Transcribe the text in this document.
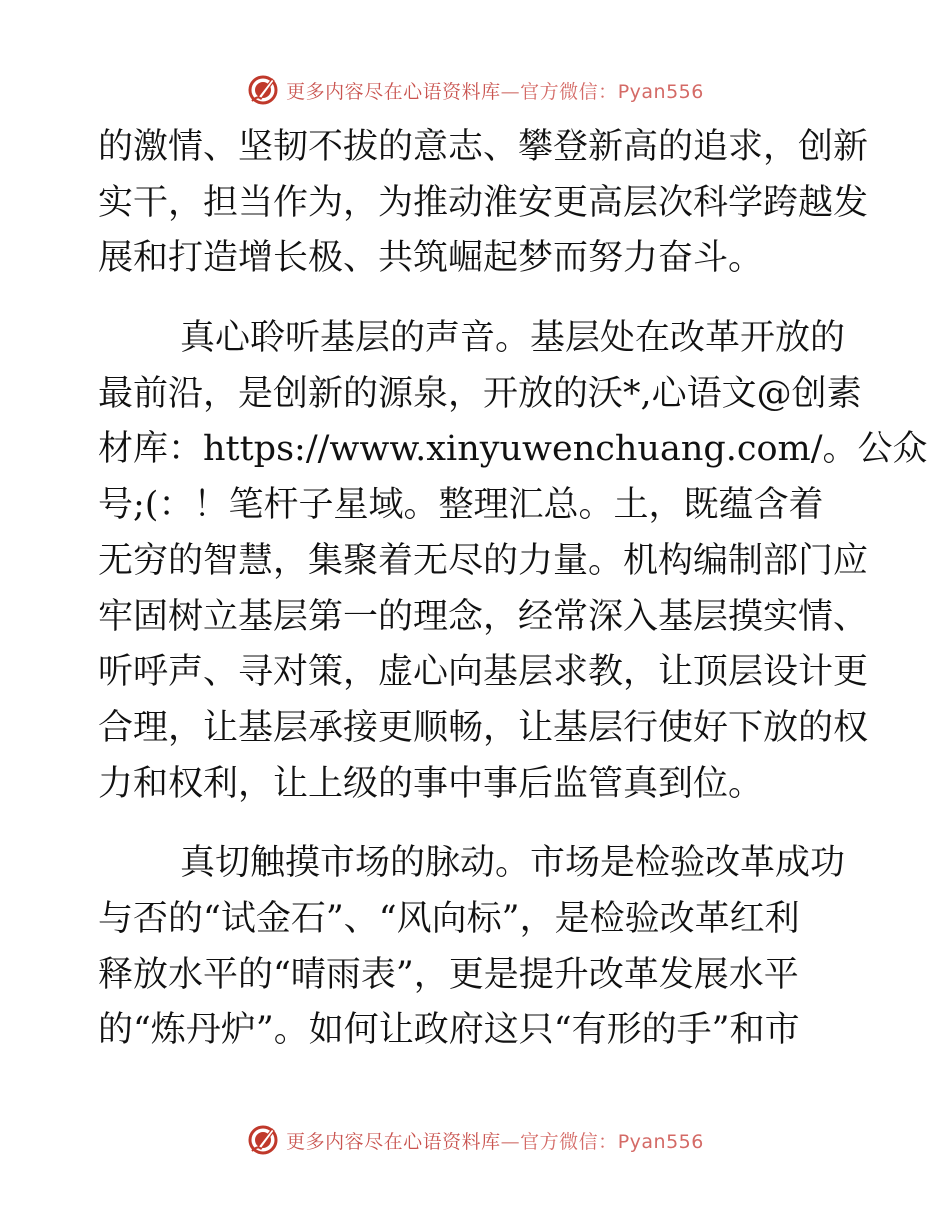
更多内容尽在心语资料库—官方微信：Pyan556

的激情、坚韧不拔的意志、攀登新高的追求，创新
实干，担当作为，为推动淮安更高层次科学跨越发
展和打造增长极、共筑崛起梦而努力奋斗。

真心聆听基层的声音。基层处在改革开放的
最前沿，是创新的源泉，开放的沃*,心语文@创素
材库：https://www.xinyuwenchuang.com/。公众
号;(：！笔杆子星域。整理汇总。土，既蕴含着
无穷的智慧，集聚着无尽的力量。机构编制部门应
牢固树立基层第一的理念，经常深入基层摸实情、
听呼声、寻对策，虚心向基层求教，让顶层设计更
合理，让基层承接更顺畅，让基层行使好下放的权
力和权利，让上级的事中事后监管真到位。

真切触摸市场的脉动。市场是检验改革成功
与否的“试金石”、“风向标”，是检验改革红利
释放水平的“晴雨表”，更是提升改革发展水平
的“炼丹炉”。如何让政府这只“有形的手”和市

更多内容尽在心语资料库—官方微信：Pyan556
